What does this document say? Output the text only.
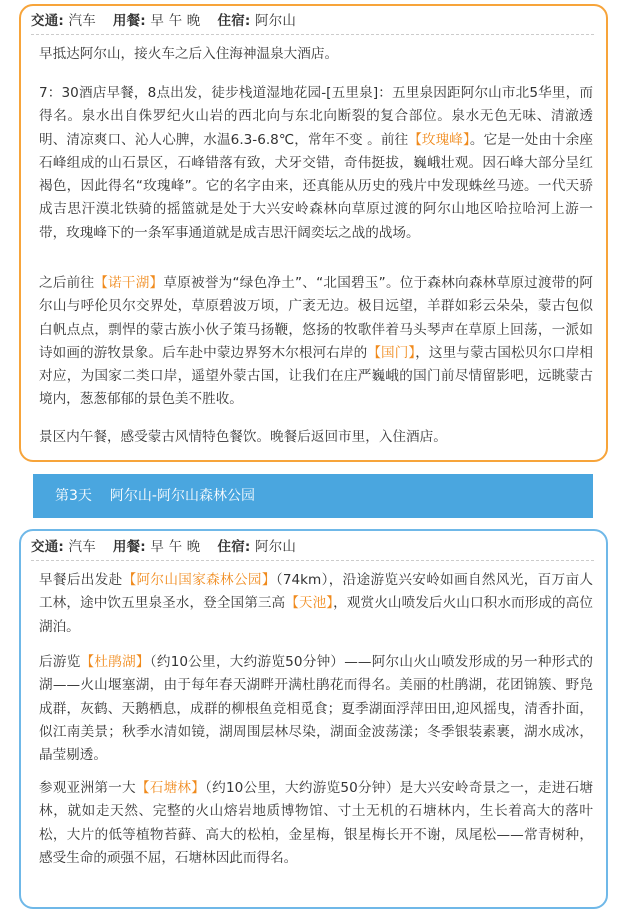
交通: 汽车 用餐: 早 午 晚 住宿: 阿尔山
早抵达阿尔山，接火车之后入住海神温泉大酒店。
7：30酒店早餐，8点出发，徒步栈道湿地花园-[五里泉]：五里泉因距阿尔山市北5华里，而得名。泉水出自侏罗纪火山岩的西北向与东北向断裂的复合部位。泉水无色无味、清澈透明、清凉爽口、沁人心脾，水温6.3-6.8℃，常年不变 。前往【玫瑰峰】。它是一处由十余座石峰组成的山石景区，石峰错落有致，犬牙交错，奇伟挺拔，巍峨壮观。因石峰大部分呈红褐色，因此得名“玫瑰峰”。它的名字由来，还真能从历史的残片中发现蛛丝马迹。一代天骄成吉思汗漠北铁骑的摇篮就是处于大兴安岭森林向草原过渡的阿尔山地区哈拉哈河上游一带，玫瑰峰下的一条军事通道就是成吉思汗阔奕坛之战的战场。
之后前往【诺干湖】草原被誉为“绿色净土”、“北国碧玉”。位于森林向森林草原过渡带的阿尔山与呼伦贝尔交界处，草原碧波万顷，广袤无边。极目远望，羊群如彩云朵朵，蒙古包似白帆点点，剽悍的蒙古族小伙子策马扬鞭，悠扬的牧歌伴着马头琴声在草原上回荡，一派如诗如画的游牧景象。后车赴中蒙边界努木尔根河右岸的【国门】，这里与蒙古国松贝尔口岸相对应，为国家二类口岸，遥望外蒙古国，让我们在庄严巍峨的国门前尽情留影吧，远眺蒙古境内，葱葱郁郁的景色美不胜收。
景区内午餐，感受蒙古风情特色餐饮。晚餐后返回市里，入住酒店。
第3天 阿尔山-阿尔山森林公园
交通: 汽车 用餐: 早 午 晚 住宿: 阿尔山
早餐后出发赴【阿尔山国家森林公园】（74km），沿途游览兴安岭如画自然风光，百万亩人工林，途中饮五里泉圣水，登全国第三高【天池】，观赏火山喷发后火山口积水而形成的高位湖泊。
后游览【杜鹃湖】（约10公里，大约游览50分钟）——阿尔山火山喷发形成的另一种形式的湖——火山堰塞湖，由于每年春天湖畔开满杜鹃花而得名。美丽的杜鹃湖，花团锦簇、野凫成群，灰鹤、天鹅栖息，成群的柳根鱼竞相觅食；夏季湖面浮萍田田,迎风摇曳，清香扑面，似江南美景；秋季水清如镜，湖周围层林尽染，湖面金波荡漾；冬季银装素裹，湖水成冰，晶莹剔透。
参观亚洲第一大【石塘林】（约10公里，大约游览50分钟）是大兴安岭奇景之一，走进石塘林，就如走天然、完整的火山熔岩地质博物馆、寸土无机的石塘林内，生长着高大的落叶松，大片的低等植物苔藓、高大的松柏，金星梅，银星梅长开不谢，凤尾松——常青树种，感受生命的顽强不屈，石塘林因此而得名。
